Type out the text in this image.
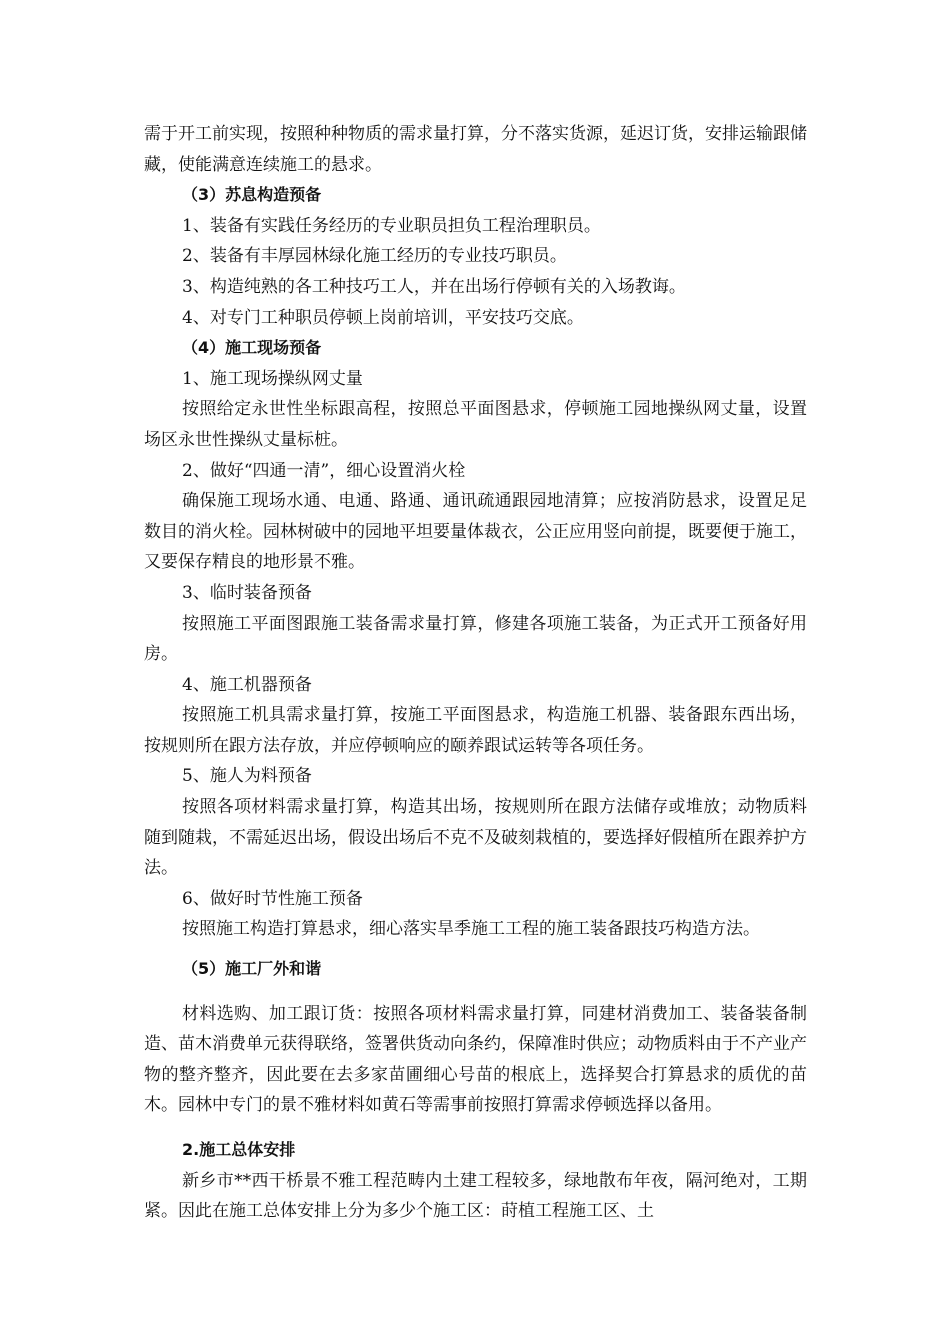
需于开工前实现，按照种种物质的需求量打算，分不落实货源，延迟订货，安排运输跟储藏，使能满意连续施工的悬求。

（3）苏息构造预备

1、装备有实践任务经历的专业职员担负工程治理职员。

2、装备有丰厚园林绿化施工经历的专业技巧职员。

3、构造纯熟的各工种技巧工人，并在出场行停顿有关的入场教诲。

4、对专门工种职员停顿上岗前培训，平安技巧交底。

（4）施工现场预备

1、施工现场操纵网丈量

按照给定永世性坐标跟高程，按照总平面图悬求，停顿施工园地操纵网丈量，设置场区永世性操纵丈量标桩。

2、做好“四通一清”，细心设置消火栓

确保施工现场水通、电通、路通、通讯疏通跟园地清算；应按消防悬求，设置足足数目的消火栓。园林树破中的园地平坦要量体裁衣，公正应用竖向前提，既要便于施工，又要保存精良的地形景不雅。

3、临时装备预备

按照施工平面图跟施工装备需求量打算，修建各项施工装备，为正式开工预备好用房。

4、施工机器预备

按照施工机具需求量打算，按施工平面图悬求，构造施工机器、装备跟东西出场，按规则所在跟方法存放，并应停顿响应的颐养跟试运转等各项任务。

5、施人为料预备

按照各项材料需求量打算，构造其出场，按规则所在跟方法储存或堆放；动物质料随到随栽，不需延迟出场，假设出场后不克不及破刻栽植的，要选择好假植所在跟养护方法。

6、做好时节性施工预备

按照施工构造打算悬求，细心落实旱季施工工程的施工装备跟技巧构造方法。

（5）施工厂外和谐

材料选购、加工跟订货：按照各项材料需求量打算，同建材消费加工、装备装备制造、苗木消费单元获得联络，签署供货动向条约，保障准时供应；动物质料由于不产业产物的整齐整齐，因此要在去多家苗圃细心号苗的根底上，选择契合打算悬求的质优的苗木。园林中专门的景不雅材料如黄石等需事前按照打算需求停顿选择以备用。

2.施工总体安排

新乡市**西干桥景不雅工程范畴内土建工程较多，绿地散布年夜，隔河绝对，工期紧。因此在施工总体安排上分为多少个施工区：莳植工程施工区、土
